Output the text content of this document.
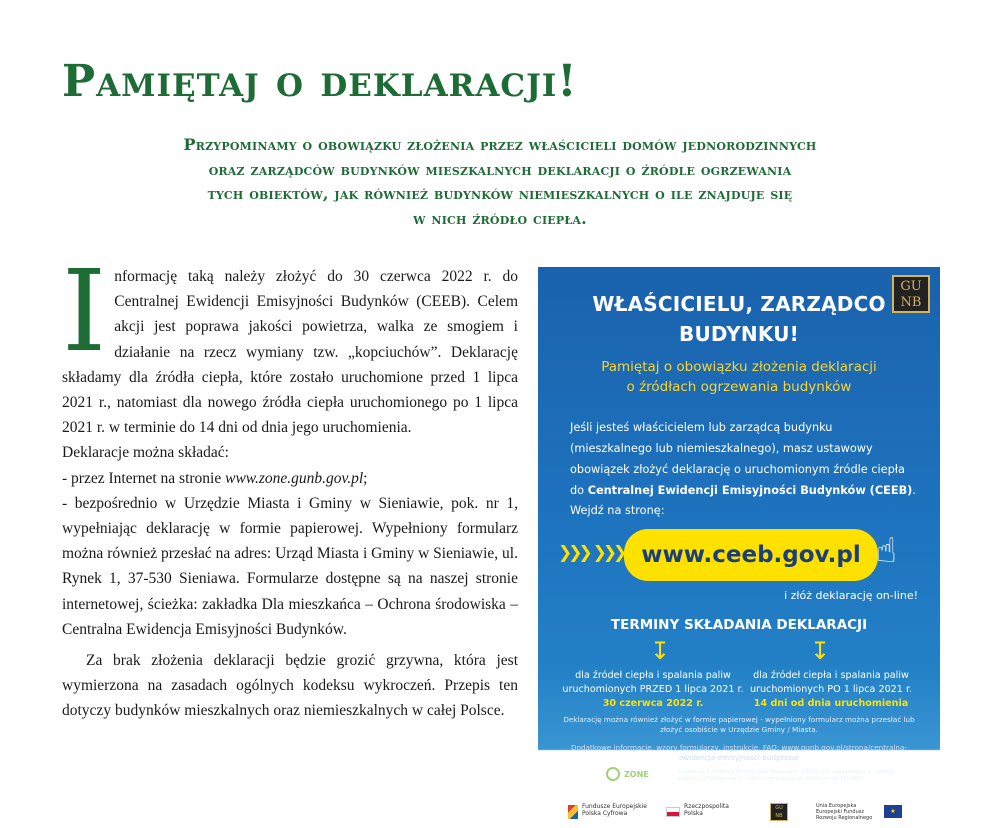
Pamiętaj o deklaracji!
Przypominamy o obowiązku złożenia przez właścicieli domów jednorodzinnych
oraz zarządców budynków mieszkalnych deklaracji o źródle ogrzewania
tych obiektów, jak również budynków niemieszkalnych o ile znajduje się
w nich źródło ciepła.

Informację taką należy złożyć do 30 czerwca 2022 r. do Centralnej Ewidencji Emisyjności Budynków (CEEB). Celem akcji jest poprawa jakości powietrza, walka ze smogiem i działanie na rzecz wymiany tzw. „kopciuchów”. Deklarację składamy dla źródła ciepła, które zostało uruchomione przed 1 lipca 2021 r., natomiast dla nowego źródła ciepła uruchomionego po 1 lipca 2021 r. w terminie do 14 dni od dnia jego uruchomienia.

Deklaracje można składać:

- przez Internet na stronie www.zone.gunb.gov.pl;

- bezpośrednio w Urzędzie Miasta i Gminy w Sieniawie, pok. nr 1, wypełniając deklarację w formie papierowej. Wypełniony formularz można również przesłać na adres: Urząd Miasta i Gminy w Sieniawie, ul. Rynek 1, 37-530 Sieniawa. Formularze dostępne są na naszej stronie internetowej, ścieżka: zakładka Dla mieszkańca – Ochrona środowiska – Centralna Ewidencja Emisyjności Budynków.

Za brak złożenia deklaracji będzie grozić grzywna, która jest wymierzona na zasadach ogólnych kodeksu wykroczeń. Przepis ten dotyczy budynków mieszkalnych oraz niemieszkalnych w całej Polsce.

GU
NB
WŁAŚCICIELU, ZARZĄDCO
BUDYNKU!
Pamiętaj o obowiązku złożenia deklaracji
o źródłach ogrzewania budynków
Jeśli jesteś właścicielem lub zarządcą budynku
(mieszkalnego lub niemieszkalnego), masz ustawowy
obowiązek złożyć deklarację o uruchomionym źródle ciepła
do Centralnej Ewidencji Emisyjności Budynków (CEEB).
Wejdź na stronę:
❯❯❯  ❯❯❯ www.ceeb.gov.pl ☝
i złóż deklarację on-line!
TERMINY SKŁADANIA DEKLARACJI
↧	↧
dla źródeł ciepła i spalania paliw
uruchomionych PRZED 1 lipca 2021 r.
30 czerwca 2022 r.
dla źródeł ciepła i spalania paliw
uruchomionych PO 1 lipca 2021 r.
14 dni od dnia uruchomienia
Deklarację można również złożyć w formie papierowej - wypełniony formularz można przesłać lub złożyć osobiście w Urzędzie Gminy / Miasta.
Dodatkowe informacje, wzory formularzy, instrukcje, FAQ: www.gunb.gov.pl/strona/centralna-ewidencja-emisyjnosci-budynkow
ZONE	Centralna Ewidencja Emisyjności Budynków (CEEB) jest realizowana w ramach projektu „Zintegrowany system ograniczania niskiej emisji (ZONE)”
Fundusze Europejskie Polska Cyfrowa
Rzeczpospolita Polska
GU
NB
Unia Europejska Europejski Fundusz Rozwoju Regionalnego
★
